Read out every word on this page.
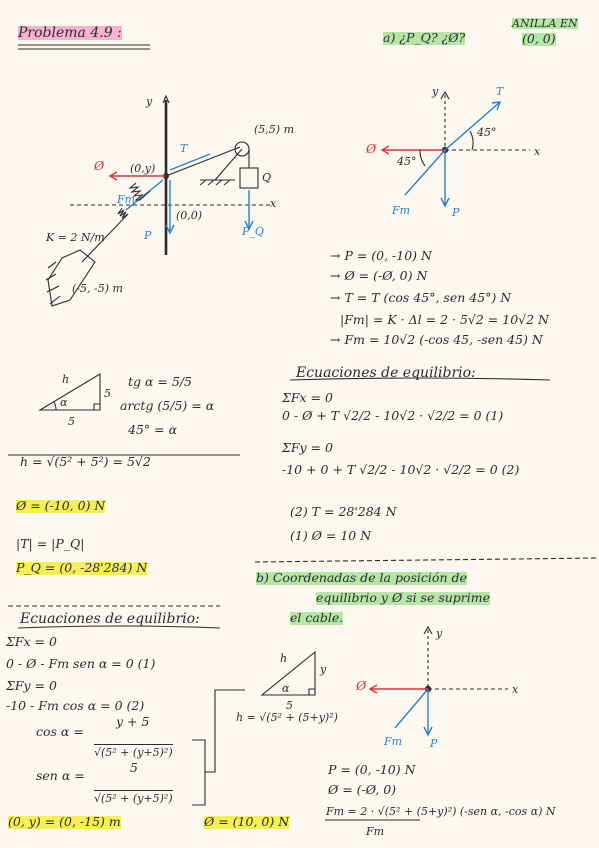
Problema 4.9 :	a) ¿P_Q? ¿Ø?
ANILLA EN
(0, 0)
y
x
(0,y)
(5,5) m
(0,0)
K = 2 N/m
(-5, -5) m
Q
Ø
T
Fm
P	P_Q
y
x
T
Ø
Fm	P
45°
45°
→ P = (0, -10) N
→ Ø = (-Ø, 0) N
→ T = T (cos 45°, sen 45°) N
|Fm| = K · Δl = 2 · 5√2 = 10√2 N
→ Fm = 10√2 (-cos 45, -sen 45) N
h
5
5
α
tg α = 5/5
arctg (5/5) = α
45° = α
h = √(5² + 5²) = 5√2
Ecuaciones de equilibrio:
ΣFx = 0
0 - Ø + T √2/2 - 10√2 · √2/2 = 0 (1)
ΣFy = 0
-10 + 0 + T √2/2 - 10√2 · √2/2 = 0 (2)
(2) T = 28'284 N
(1) Ø = 10 N
Ø = (-10, 0) N
|T| = |P_Q|
P_Q = (0, -28'284) N
b) Coordenadas de la posición de
equilibrio y Ø si se suprime
el cable.
Ecuaciones de equilibrio:
ΣFx = 0
0 - Ø - Fm sen α = 0 (1)
ΣFy = 0
-10 - Fm cos α = 0 (2)
cos α =
y + 5
√(5² + (y+5)²)
sen α =
5
√(5² + (y+5)²)
h
y
5
α
h = √(5² + (5+y)²)
y
x
Ø
Fm	P
P = (0, -10) N
Ø = (-Ø, 0)
Fm = 2 · √(5² + (5+y)²) (-sen α, -cos α) N
Fm
(0, y) = (0, -15) m	Ø = (10, 0) N
